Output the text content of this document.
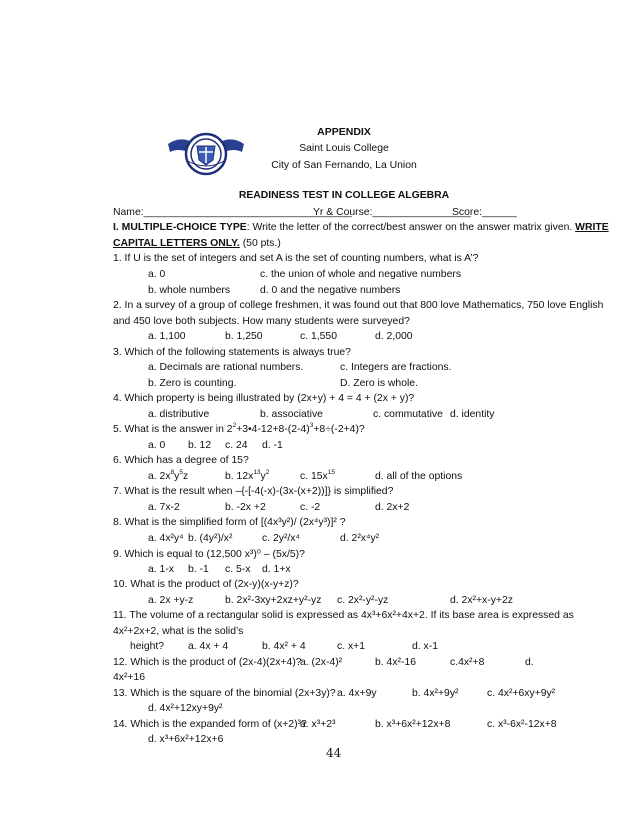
APPENDIX
Saint Louis College
City of San Fernando, La Union
READINESS TEST IN COLLEGE ALGEBRA
Name:____________________________________
Yr & Course:_________________
Score:______
I. MULTIPLE-CHOICE TYPE: Write the letter of the correct/best answer on the answer matrix given. WRITE
CAPITAL LETTERS ONLY. (50 pts.)
1. If U is the set of integers and set A is the set of counting numbers, what is A’?
a. 0	c. the union of whole and negative numbers
b. whole numbers	d. 0 and the negative numbers
2. In a survey of a group of college freshmen, it was found out that 800 love Mathematics, 750 love English
and 450 love both subjects. How many students were surveyed?
a. 1,100	b. 1,250	c. 1,550	d. 2,000
3. Which of the following statements is always true?
a. Decimals are rational numbers.	c. Integers are fractions.
b. Zero is counting.	D. Zero is whole.
4. Which property is being illustrated by (2x+y) + 4 = 4 + (2x + y)?
a. distributive	b. associative	c. commutative d. identity
5. What is the answer in $2^2+3•4-12+8-(2-4)^3+8\div(-2+4)$?
a. 0 b. 12 c. 24 d. -1
6. Which has a degree of 15?
a. $2x^8y^5z$	b. $12x^{13}y^2$	c. $15x^{15}$	d. all of the options
7. What is the result when –{-[-4(-x)-(3x-(x+2))]} is simplified?
a. 7x-2	b. -2x +2	c. -2	d. 2x+2
8. What is the simplified form of [(4x³y²)/ (2x⁴y³)]² ?
a. 4x²y⁴ b. (4y²)/x²	c. 2y²/x⁴	d. 2²x⁴y²
9. Which is equal to (12,500 x³)⁰ – (5x/5)?
a. 1-x b. -1 c. 5-x d. 1+x
10. What is the product of (2x-y)(x-y+z)?
a. 2x +y-z	b. 2x²-3xy+2xz+y²-yz c. 2x²-y²-yz	d. 2x²+x-y+2z
11. The volume of a rectangular solid is expressed as 4x³+6x²+4x+2. If its base area is expressed as
4x²+2x+2, what is the solid’s
height? a. 4x + 4	b. 4x² + 4	c. x+1	d. x-1
12. Which is the product of (2x-4)(2x+4)?
a. (2x-4)²	b. 4x²-16	c.4x²+8	d.
4x²+16
13. Which is the square of the binomial (2x+3y)? a. 4x+9y	b. 4x²+9y²	c. 4x²+6xy+9y²
d. 4x²+12xy+9y²
14. Which is the expanded form of (x+2)³?
a. x³+2³	b. x³+6x²+12x+8	c. x³-6x²-12x+8
d. x³+6x²+12x+6
44
